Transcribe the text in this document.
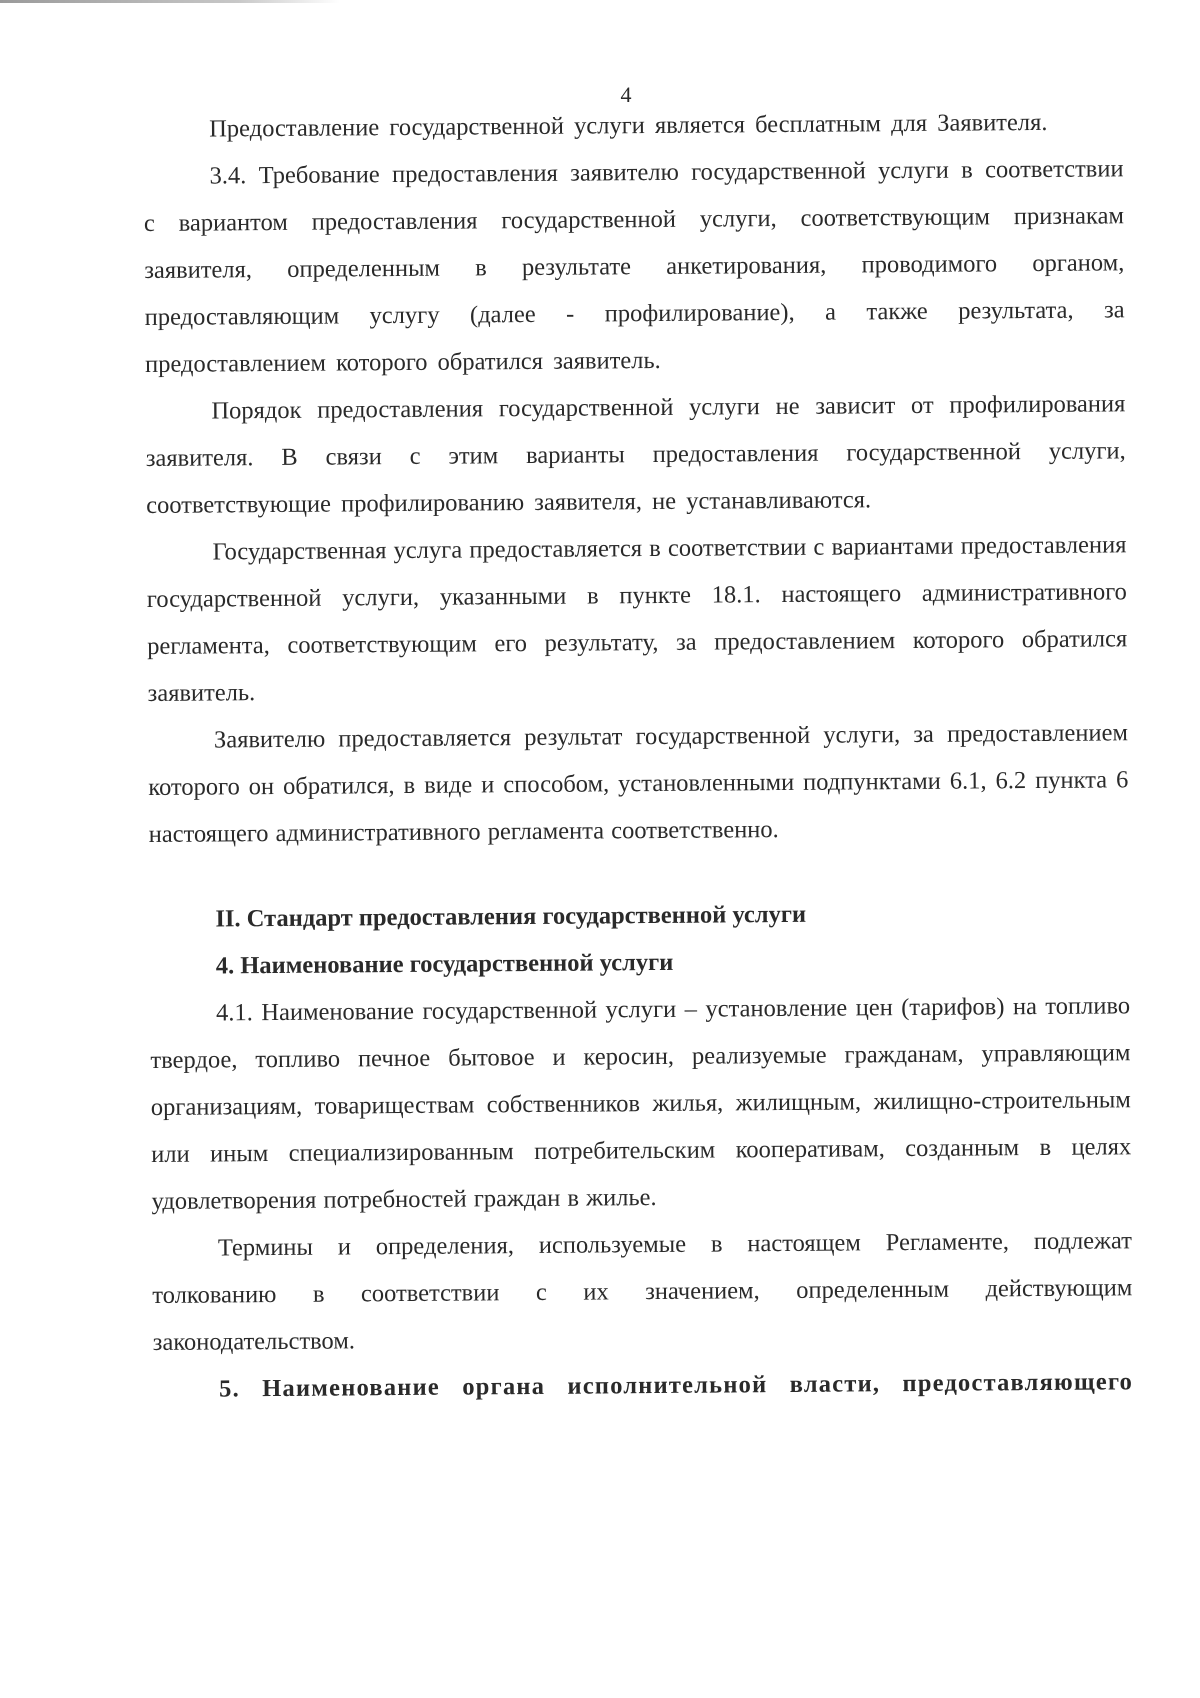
4

Предоставление государственной услуги является бесплатным для Заявителя.

3.4. Требование предоставления заявителю государственной услуги в соответствии с вариантом предоставления государственной услуги, соответствующим признакам заявителя, определенным в результате анкетирования, проводимого органом, предоставляющим услугу (далее - профилирование), а также результата, за предоставлением которого обратился заявитель.

Порядок предоставления государственной услуги не зависит от профилирования заявителя. В связи с этим варианты предоставления государственной услуги, соответствующие профилированию заявителя, не устанавливаются.

Государственная услуга предоставляется в соответствии с вариантами предоставления государственной услуги, указанными в пункте 18.1. настоящего административного регламента, соответствующим его результату, за предоставлением которого обратился заявитель.

Заявителю предоставляется результат государственной услуги, за предоставлением которого он обратился, в виде и способом, установленными подпунктами 6.1, 6.2 пункта 6 настоящего административного регламента соответственно.

II. Стандарт предоставления государственной услуги

4. Наименование государственной услуги

4.1. Наименование государственной услуги – установление цен (тарифов) на топливо твердое, топливо печное бытовое и керосин, реализуемые гражданам, управляющим организациям, товариществам собственников жилья, жилищным, жилищно-строительным или иным специализированным потребительским кооперативам, созданным в целях удовлетворения потребностей граждан в жилье.

Термины и определения, используемые в настоящем Регламенте, подлежат толкованию в соответствии с их значением, определенным действующим законодательством.

5. Наименование органа исполнительной власти, предоставляющего
